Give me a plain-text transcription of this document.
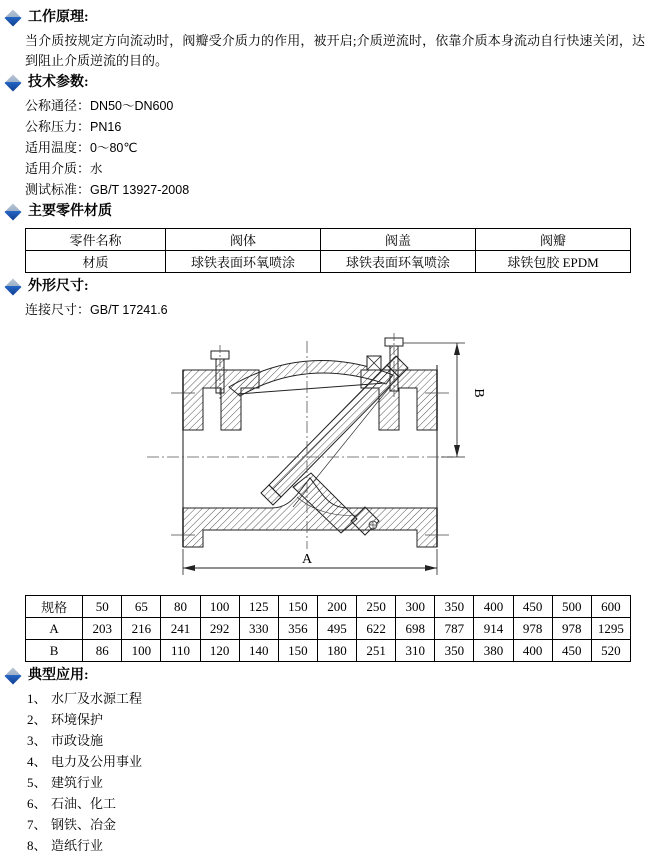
工作原理:
当介质按规定方向流动时，阀瓣受介质力的作用，被开启;介质逆流时，依靠介质本身流动自行快速关闭，达到阻止介质逆流的目的。
技术参数:
公称通径：DN50～DN600
公称压力：PN16
适用温度：0～80℃
适用介质：水
测试标准：GB/T 13927-2008
主要零件材质
零件名称	阀体	阀盖	阀瓣
材质	球铁表面环氧喷涂	球铁表面环氧喷涂	球铁包胶 EPDM
外形尺寸:
连接尺寸：GB/T 17241.6
A
B
规格	50	65	80	100	125	150	200	250	300	350	400	450	500	600
A	203	216	241	292	330	356	495	622	698	787	914	978	978	1295
B	86	100	110	120	140	150	180	251	310	350	380	400	450	520
典型应用:
1、 水厂及水源工程
2、 环境保护
3、 市政设施
4、 电力及公用事业
5、 建筑行业
6、 石油、化工
7、 钢铁、冶金
8、 造纸行业
